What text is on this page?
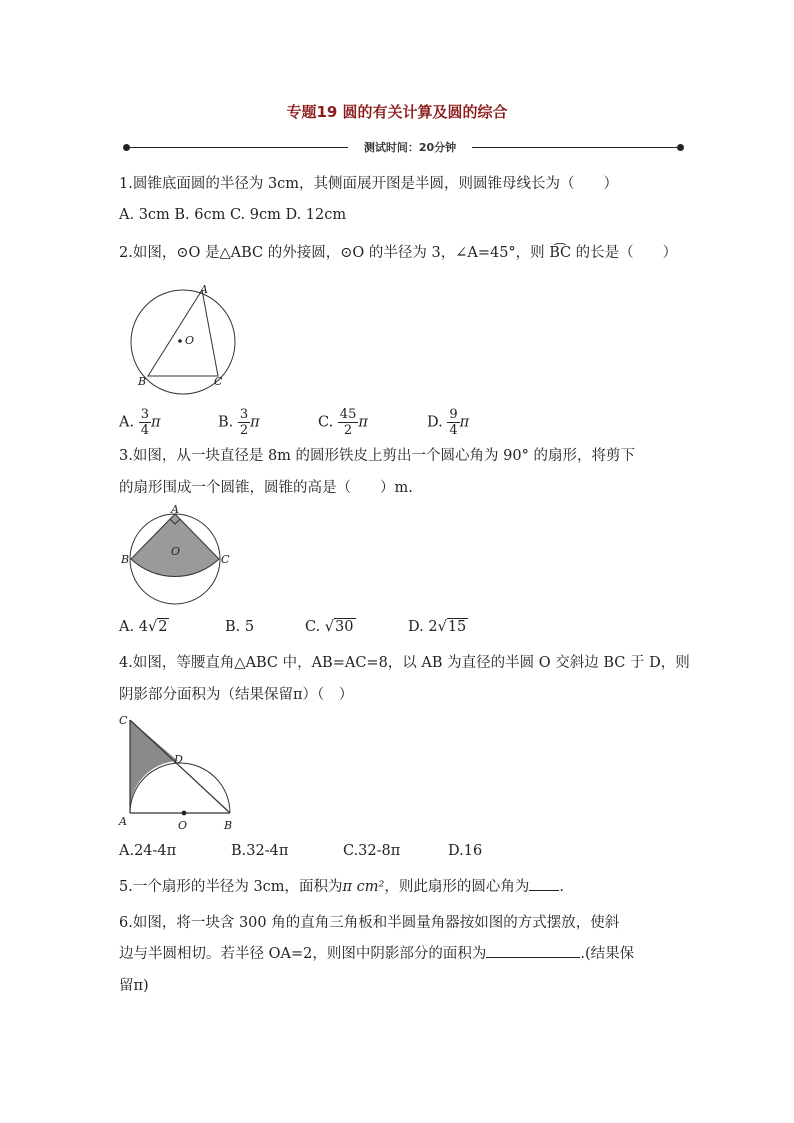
专题19 圆的有关计算及圆的综合
测试时间：20分钟
1.圆锥底面圆的半径为 3cm，其侧面展开图是半圆，则圆锥母线长为（　　）
A. 3cm B. 6cm C. 9cm D. 12cm
2.如图，⊙O 是△ABC 的外接圆，⊙O 的半径为 3，∠A=45°，则 B͡C 的长是（　　）
O
A
B	C
A. $\frac{3}{4}$ π	B. $\frac{3}{2}$ π	C. $\frac{45}{2}$ π	D. $\frac{9}{4}$ π
3.如图，从一块直径是 8m 的圆形铁皮上剪出一个圆心角为 90° 的扇形，将剪下
的扇形围成一个圆锥，圆锥的高是（　　）m.
A
B	C
O
A. 4√2	B. 5	C. √30	D. 2√15
4.如图，等腰直角△ABC 中，AB=AC=8，以 AB 为直径的半圆 O 交斜边 BC 于 D，则
阴影部分面积为（结果保留π）（　）
C
D
A	O	B
A.24-4π	B.32-4π	C.32-8π	D.16
5.一个扇形的半径为 3cm，面积为π cm²，则此扇形的圆心角为 .
6.如图，将一块含 300 角的直角三角板和半圆量角器按如图的方式摆放，使斜
边与半圆相切。若半径 OA=2，则图中阴影部分的面积为	.(结果保
留π)
